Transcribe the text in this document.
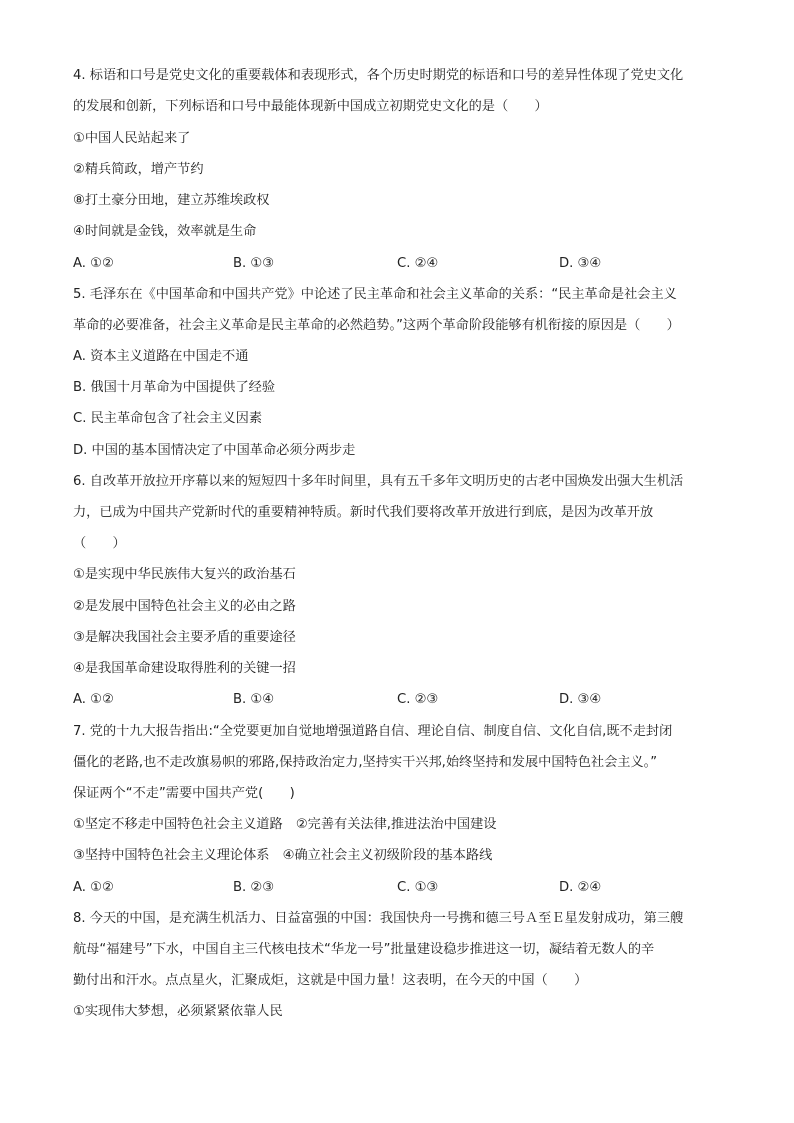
4. 标语和口号是党史文化的重要载体和表现形式，各个历史时期党的标语和口号的差异性体现了党史文化
的发展和创新，下列标语和口号中最能体现新中国成立初期党史文化的是（　　）
①中国人民站起来了
②精兵简政，增产节约
⑧打土豪分田地，建立苏维埃政权
④时间就是金钱，效率就是生命
A. ①②	B. ①③	C. ②④	D. ③④
5. 毛泽东在《中国革命和中国共产党》中论述了民主革命和社会主义革命的关系：“民主革命是社会主义
革命的必要准备，社会主义革命是民主革命的必然趋势。”这两个革命阶段能够有机衔接的原因是（　　）
A. 资本主义道路在中国走不通
B. 俄国十月革命为中国提供了经验
C. 民主革命包含了社会主义因素
D. 中国的基本国情决定了中国革命必须分两步走
6. 自改革开放拉开序幕以来的短短四十多年时间里，具有五千多年文明历史的古老中国焕发出强大生机活
力，已成为中国共产党新时代的重要精神特质。新时代我们要将改革开放进行到底，是因为改革开放
（　　）
①是实现中华民族伟大复兴的政治基石
②是发展中国特色社会主义的必由之路
③是解决我国社会主要矛盾的重要途径
④是我国革命建设取得胜利的关键一招
A. ①②	B. ①④	C. ②③	D. ③④
7. 党的十九大报告指出:“全党要更加自觉地增强道路自信、理论自信、制度自信、文化自信,既不走封闭
僵化的老路,也不走改旗易帜的邪路,保持政治定力,坚持实干兴邦,始终坚持和发展中国特色社会主义。”
保证两个“不走”需要中国共产党(　　)
①坚定不移走中国特色社会主义道路　②完善有关法律,推进法治中国建设
③坚持中国特色社会主义理论体系　④确立社会主义初级阶段的基本路线
A. ①②	B. ②③	C. ①③	D. ②④
8. 今天的中国，是充满生机活力、日益富强的中国：我国快舟一号携和德三号Ａ至Ｅ星发射成功，第三艘
航母“福建号”下水，中国自主三代核电技术“华龙一号”批量建设稳步推进这一切，凝结着无数人的辛
勤付出和汗水。点点星火，汇聚成炬，这就是中国力量！这表明，在今天的中国（　　）
①实现伟大梦想，必须紧紧依靠人民
